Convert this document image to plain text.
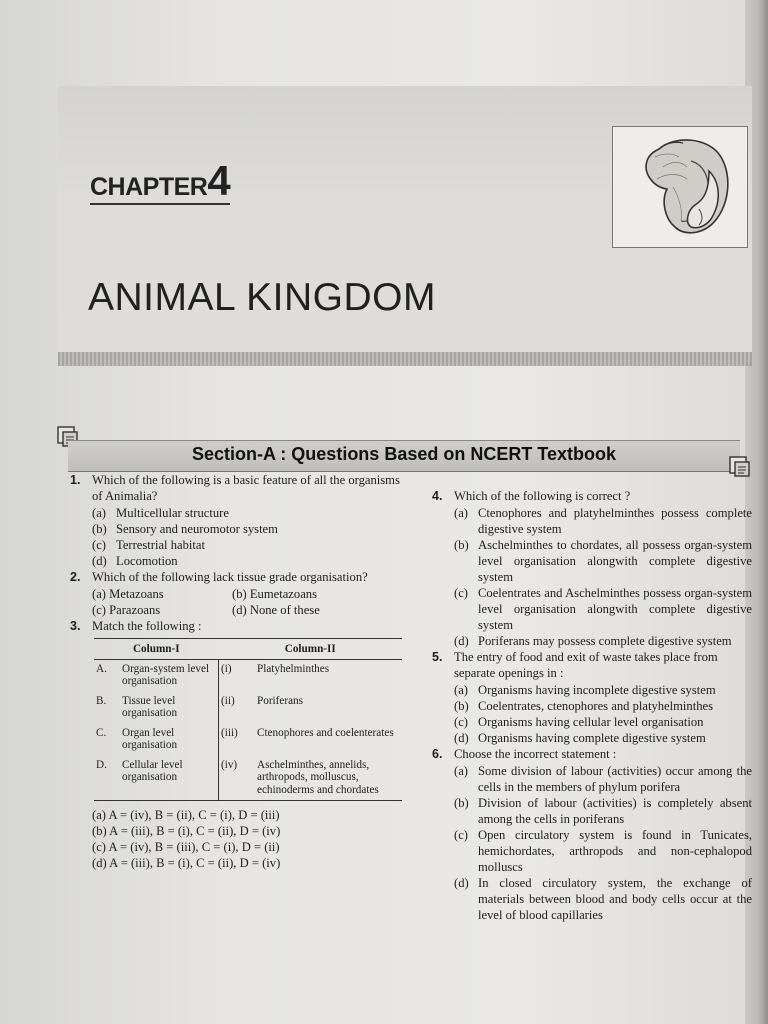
CHAPTER4
ANIMAL KINGDOM
Section-A : Questions Based on NCERT Textbook
1. Which of the following is a basic feature of all the organisms of Animalia?
(a) Multicellular structure
(b) Sensory and neuromotor system
(c) Terrestrial habitat
(d) Locomotion
2. Which of the following lack tissue grade organisation?
(a) Metazoans	(b) Eumetazoans
(c) Parazoans	(d) None of these
3. Match the following :
Column-I		Column-II	
A.	Organ-system level organisation	(i)	Platyhelminthes
B.	Tissue level organisation	(ii)	Poriferans
C.	Organ level organisation	(iii)	Ctenophores and coelenterates
D.	Cellular level organisation	(iv)	Aschelminthes, annelids, arthropods, molluscus, echinoderms and chordates
(a) A = (iv), B = (ii), C = (i), D = (iii)
(b) A = (iii), B = (i), C = (ii), D = (iv)
(c) A = (iv), B = (iii), C = (i), D = (ii)
(d) A = (iii), B = (i), C = (ii), D = (iv)
4. Which of the following is correct ?
(a) Ctenophores and platyhelminthes possess complete digestive system
(b) Aschelminthes to chordates, all possess organ-system level organisation alongwith complete digestive system
(c) Coelentrates and Aschelminthes possess organ-system level organisation alongwith complete digestive system
(d) Poriferans may possess complete digestive system
5. The entry of food and exit of waste takes place from separate openings in :
(a) Organisms having incomplete digestive system
(b) Coelentrates, ctenophores and platyhelminthes
(c) Organisms having cellular level organisation
(d) Organisms having complete digestive system
6. Choose the incorrect statement :
(a) Some division of labour (activities) occur among the cells in the members of phylum porifera
(b) Division of labour (activities) is completely absent among the cells in poriferans
(c) Open circulatory system is found in Tunicates, hemichordates, arthropods and non-cephalopod molluscs
(d) In closed circulatory system, the exchange of materials between blood and body cells occur at the level of blood capillaries
